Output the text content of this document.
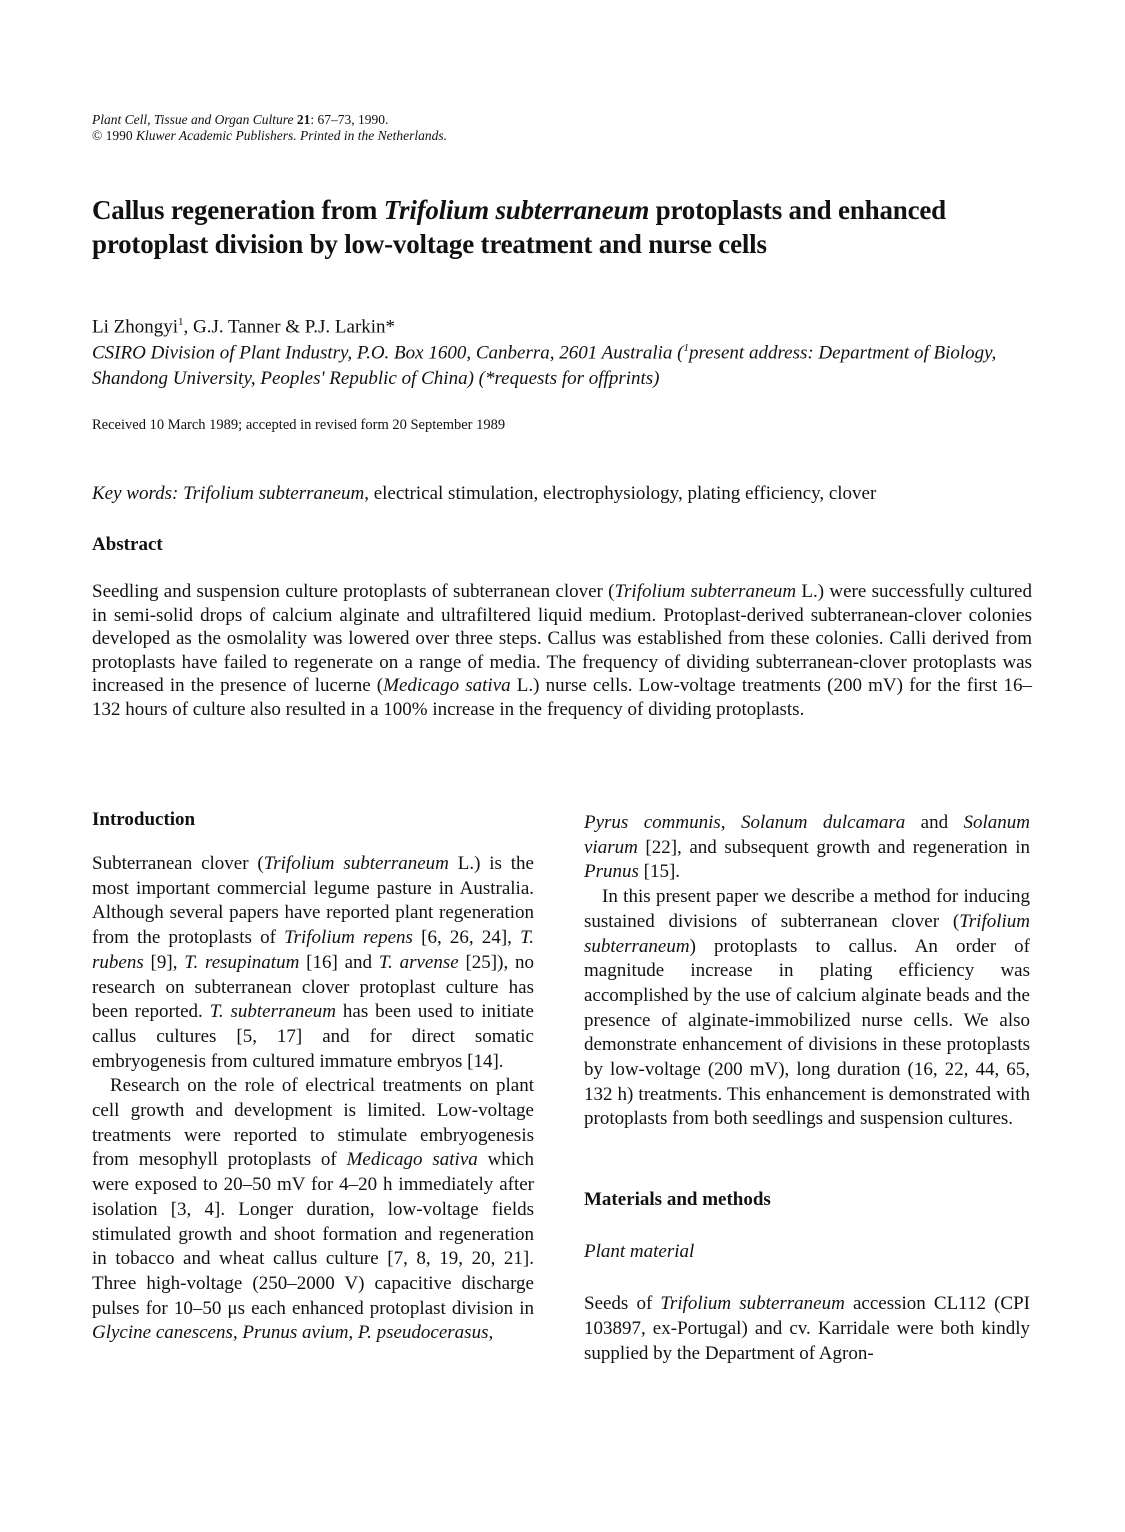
Plant Cell, Tissue and Organ Culture 21: 67–73, 1990.
© 1990 Kluwer Academic Publishers. Printed in the Netherlands.
Callus regeneration from Trifolium subterraneum protoplasts and enhanced protoplast division by low-voltage treatment and nurse cells
Li Zhongyi$^1$, G.J. Tanner & P.J. Larkin*
CSIRO Division of Plant Industry, P.O. Box 1600, Canberra, 2601 Australia ($^1$present address: Department of Biology, Shandong University, Peoples' Republic of China) (*requests for offprints)
Received 10 March 1989; accepted in revised form 20 September 1989
Key words: Trifolium subterraneum, electrical stimulation, electrophysiology, plating efficiency, clover
Abstract

Seedling and suspension culture protoplasts of subterranean clover (Trifolium subterraneum L.) were successfully cultured in semi-solid drops of calcium alginate and ultrafiltered liquid medium. Protoplast-derived subterranean-clover colonies developed as the osmolality was lowered over three steps. Callus was established from these colonies. Calli derived from protoplasts have failed to regenerate on a range of media. The frequency of dividing subterranean-clover protoplasts was increased in the presence of lucerne (Medicago sativa L.) nurse cells. Low-voltage treatments (200 mV) for the first 16–132 hours of culture also resulted in a 100% increase in the frequency of dividing protoplasts.

Introduction

Subterranean clover (Trifolium subterraneum L.) is the most important commercial legume pasture in Australia. Although several papers have reported plant regeneration from the protoplasts of Trifolium repens [6, 26, 24], T. rubens [9], T. resupinatum [16] and T. arvense [25]), no research on subterranean clover protoplast culture has been reported. T. subterraneum has been used to initiate callus cultures [5, 17] and for direct somatic embryogenesis from cultured immature embryos [14].

Research on the role of electrical treatments on plant cell growth and development is limited. Low-voltage treatments were reported to stimulate embryogenesis from mesophyll protoplasts of Medicago sativa which were exposed to 20–50 mV for 4–20 h immediately after isolation [3, 4]. Longer duration, low-voltage fields stimulated growth and shoot formation and regeneration in tobacco and wheat callus culture [7, 8, 19, 20, 21]. Three high-voltage (250–2000 V) capacitive discharge pulses for 10–50 μs each enhanced protoplast division in Glycine canescens, Prunus avium, P. pseudocerasus,

Pyrus communis, Solanum dulcamara and Solanum viarum [22], and subsequent growth and regeneration in Prunus [15].

In this present paper we describe a method for inducing sustained divisions of subterranean clover (Trifolium subterraneum) protoplasts to callus. An order of magnitude increase in plating efficiency was accomplished by the use of calcium alginate beads and the presence of alginate-immobilized nurse cells. We also demonstrate enhancement of divisions in these protoplasts by low-voltage (200 mV), long duration (16, 22, 44, 65, 132 h) treatments. This enhancement is demonstrated with protoplasts from both seedlings and suspension cultures.

Materials and methods
Plant material

Seeds of Trifolium subterraneum accession CL112 (CPI 103897, ex-Portugal) and cv. Karridale were both kindly supplied by the Department of Agron-
